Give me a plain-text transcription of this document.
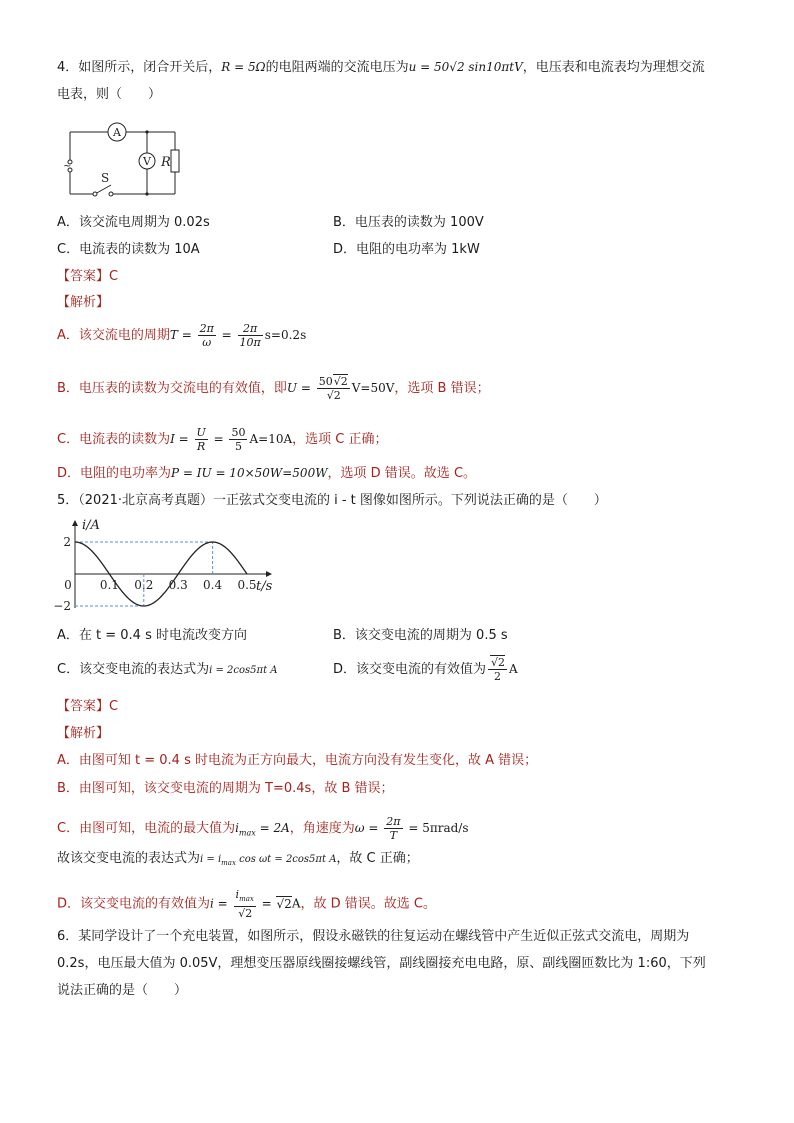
4．如图所示，闭合开关后，R = 5Ω的电阻两端的交流电压为u = 50√2 sin10πtV，电压表和电流表均为理想交流
电表，则（　　）
A
V R
S
~
A．该交流电周期为 0.02s	B．电压表的读数为 100V
C．电流表的读数为 10A	D．电阻的电功率为 1kW
【答案】C
【解析】
A．该交流电的周期$T = \frac{2\pi}{\omega} = \frac{2\pi}{10\pi} s=0.2s$
B．电压表的读数为交流电的有效值，即$U = \frac{50√2}{√2} V=50V$，选项 B 错误；
C．电流表的读数为$I = \frac{U}{R} = \frac{50}{5} A=10A$，选项 C 正确；
D．电阻的电功率为P = IU = 10×50W=500W，选项 D 错误。故选 C。
5．（2021·北京高考真题）一正弦式交变电流的 i - t 图像如图所示。下列说法正确的是（　　）
0 0.1 0.2 0.3 0.4 0.5
2
−2
i/A
t/s
A．在 t = 0.4 s 时电流改变方向	B．该交变电流的周期为 0.5 s
C．该交变电流的表达式为i = 2cos5πt A	D．该交变电流的有效值为 $\frac{√2}{2}$ A
【答案】C
【解析】
A．由图可知 t = 0.4 s 时电流为正方向最大，电流方向没有发生变化，故 A 错误；
B．由图可知，该交变电流的周期为 T=0.4s，故 B 错误；
C．由图可知，电流的最大值为$i_{max} = 2A$，角速度为$\omega = \frac{2\pi}{T} = 5\pi rad/s$
故该交变电流的表达式为$i = i_{max}$ cos ωt = 2cos5πt A，故 C 正确；
D．该交变电流的有效值为$i = \frac{i_{max}}{√2} = √2A$，故 D 错误。故选 C。
6．某同学设计了一个充电装置，如图所示，假设永磁铁的往复运动在螺线管中产生近似正弦式交流电，周期为
0.2s，电压最大值为 0.05V，理想变压器原线圈接螺线管，副线圈接充电电路，原、副线圈匝数比为 1:60，下列
说法正确的是（　　）
